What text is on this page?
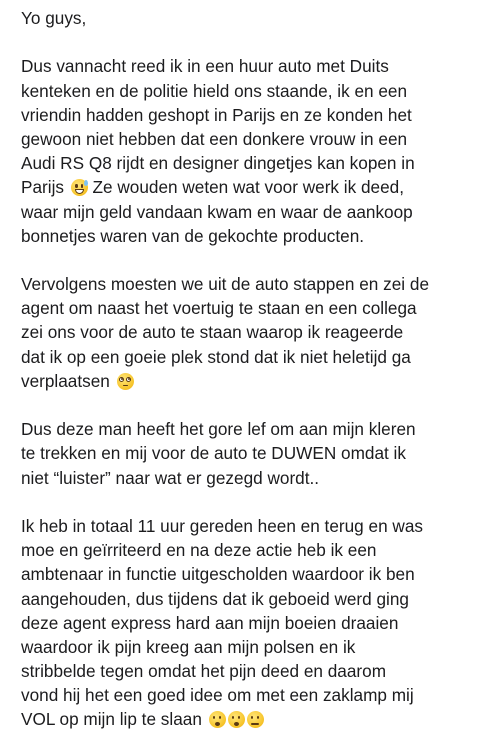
Yo guys,
Dus vannacht reed ik in een huur auto met Duits
kenteken en de politie hield ons staande, ik en een
vriendin hadden geshopt in Parijs en ze konden het
gewoon niet hebben dat een donkere vrouw in een
Audi RS Q8 rijdt en designer dingetjes kan kopen in
Parijs
Ze wouden weten wat voor werk ik deed,
waar mijn geld vandaan kwam en waar de aankoop
bonnetjes waren van de gekochte producten.
Vervolgens moesten we uit de auto stappen en zei de
agent om naast het voertuig te staan en een collega
zei ons voor de auto te staan waarop ik reageerde
dat ik op een goeie plek stond dat ik niet heletijd ga
verplaatsen
Dus deze man heeft het gore lef om aan mijn kleren
te trekken en mij voor de auto te DUWEN omdat ik
niet “luister” naar wat er gezegd wordt..
Ik heb in totaal 11 uur gereden heen en terug en was
moe en geïrriteerd en na deze actie heb ik een
ambtenaar in functie uitgescholden waardoor ik ben
aangehouden, dus tijdens dat ik geboeid werd ging
deze agent express hard aan mijn boeien draaien
waardoor ik pijn kreeg aan mijn polsen en ik
stribbelde tegen omdat het pijn deed en daarom
vond hij het een goed idee om met een zaklamp mij
VOL op mijn lip te slaan
